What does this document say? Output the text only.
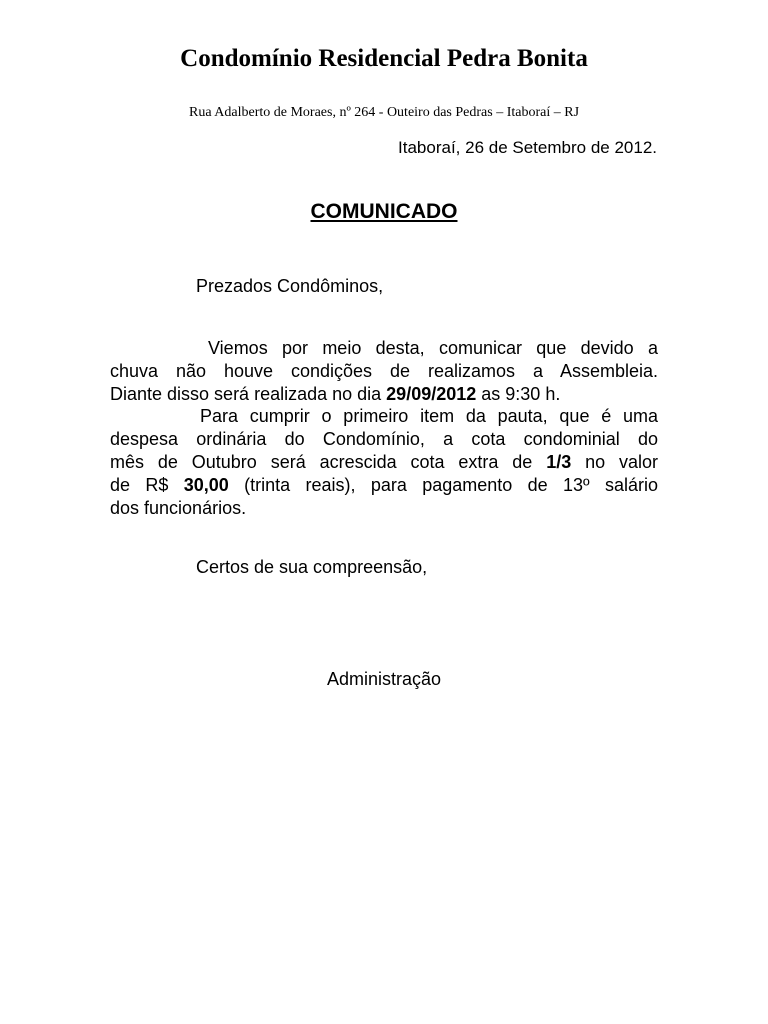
Condomínio Residencial Pedra Bonita

Rua Adalberto de Moraes, nº 264 - Outeiro das Pedras – Itaboraí – RJ

Itaboraí, 26 de Setembro de 2012.

COMUNICADO

Prezados Condôminos,

Viemos por meio desta, comunicar que devido a
chuva não houve condições de realizamos a Assembleia.
Diante disso será realizada no dia 29/09/2012 as 9:30 h.

Para cumprir o primeiro item da pauta, que é uma
despesa ordinária do Condomínio, a cota condominial do
mês de Outubro será acrescida cota extra de 1/3 no valor
de R$ 30,00 (trinta reais), para pagamento de 13º salário
dos funcionários.

Certos de sua compreensão,

Administração
